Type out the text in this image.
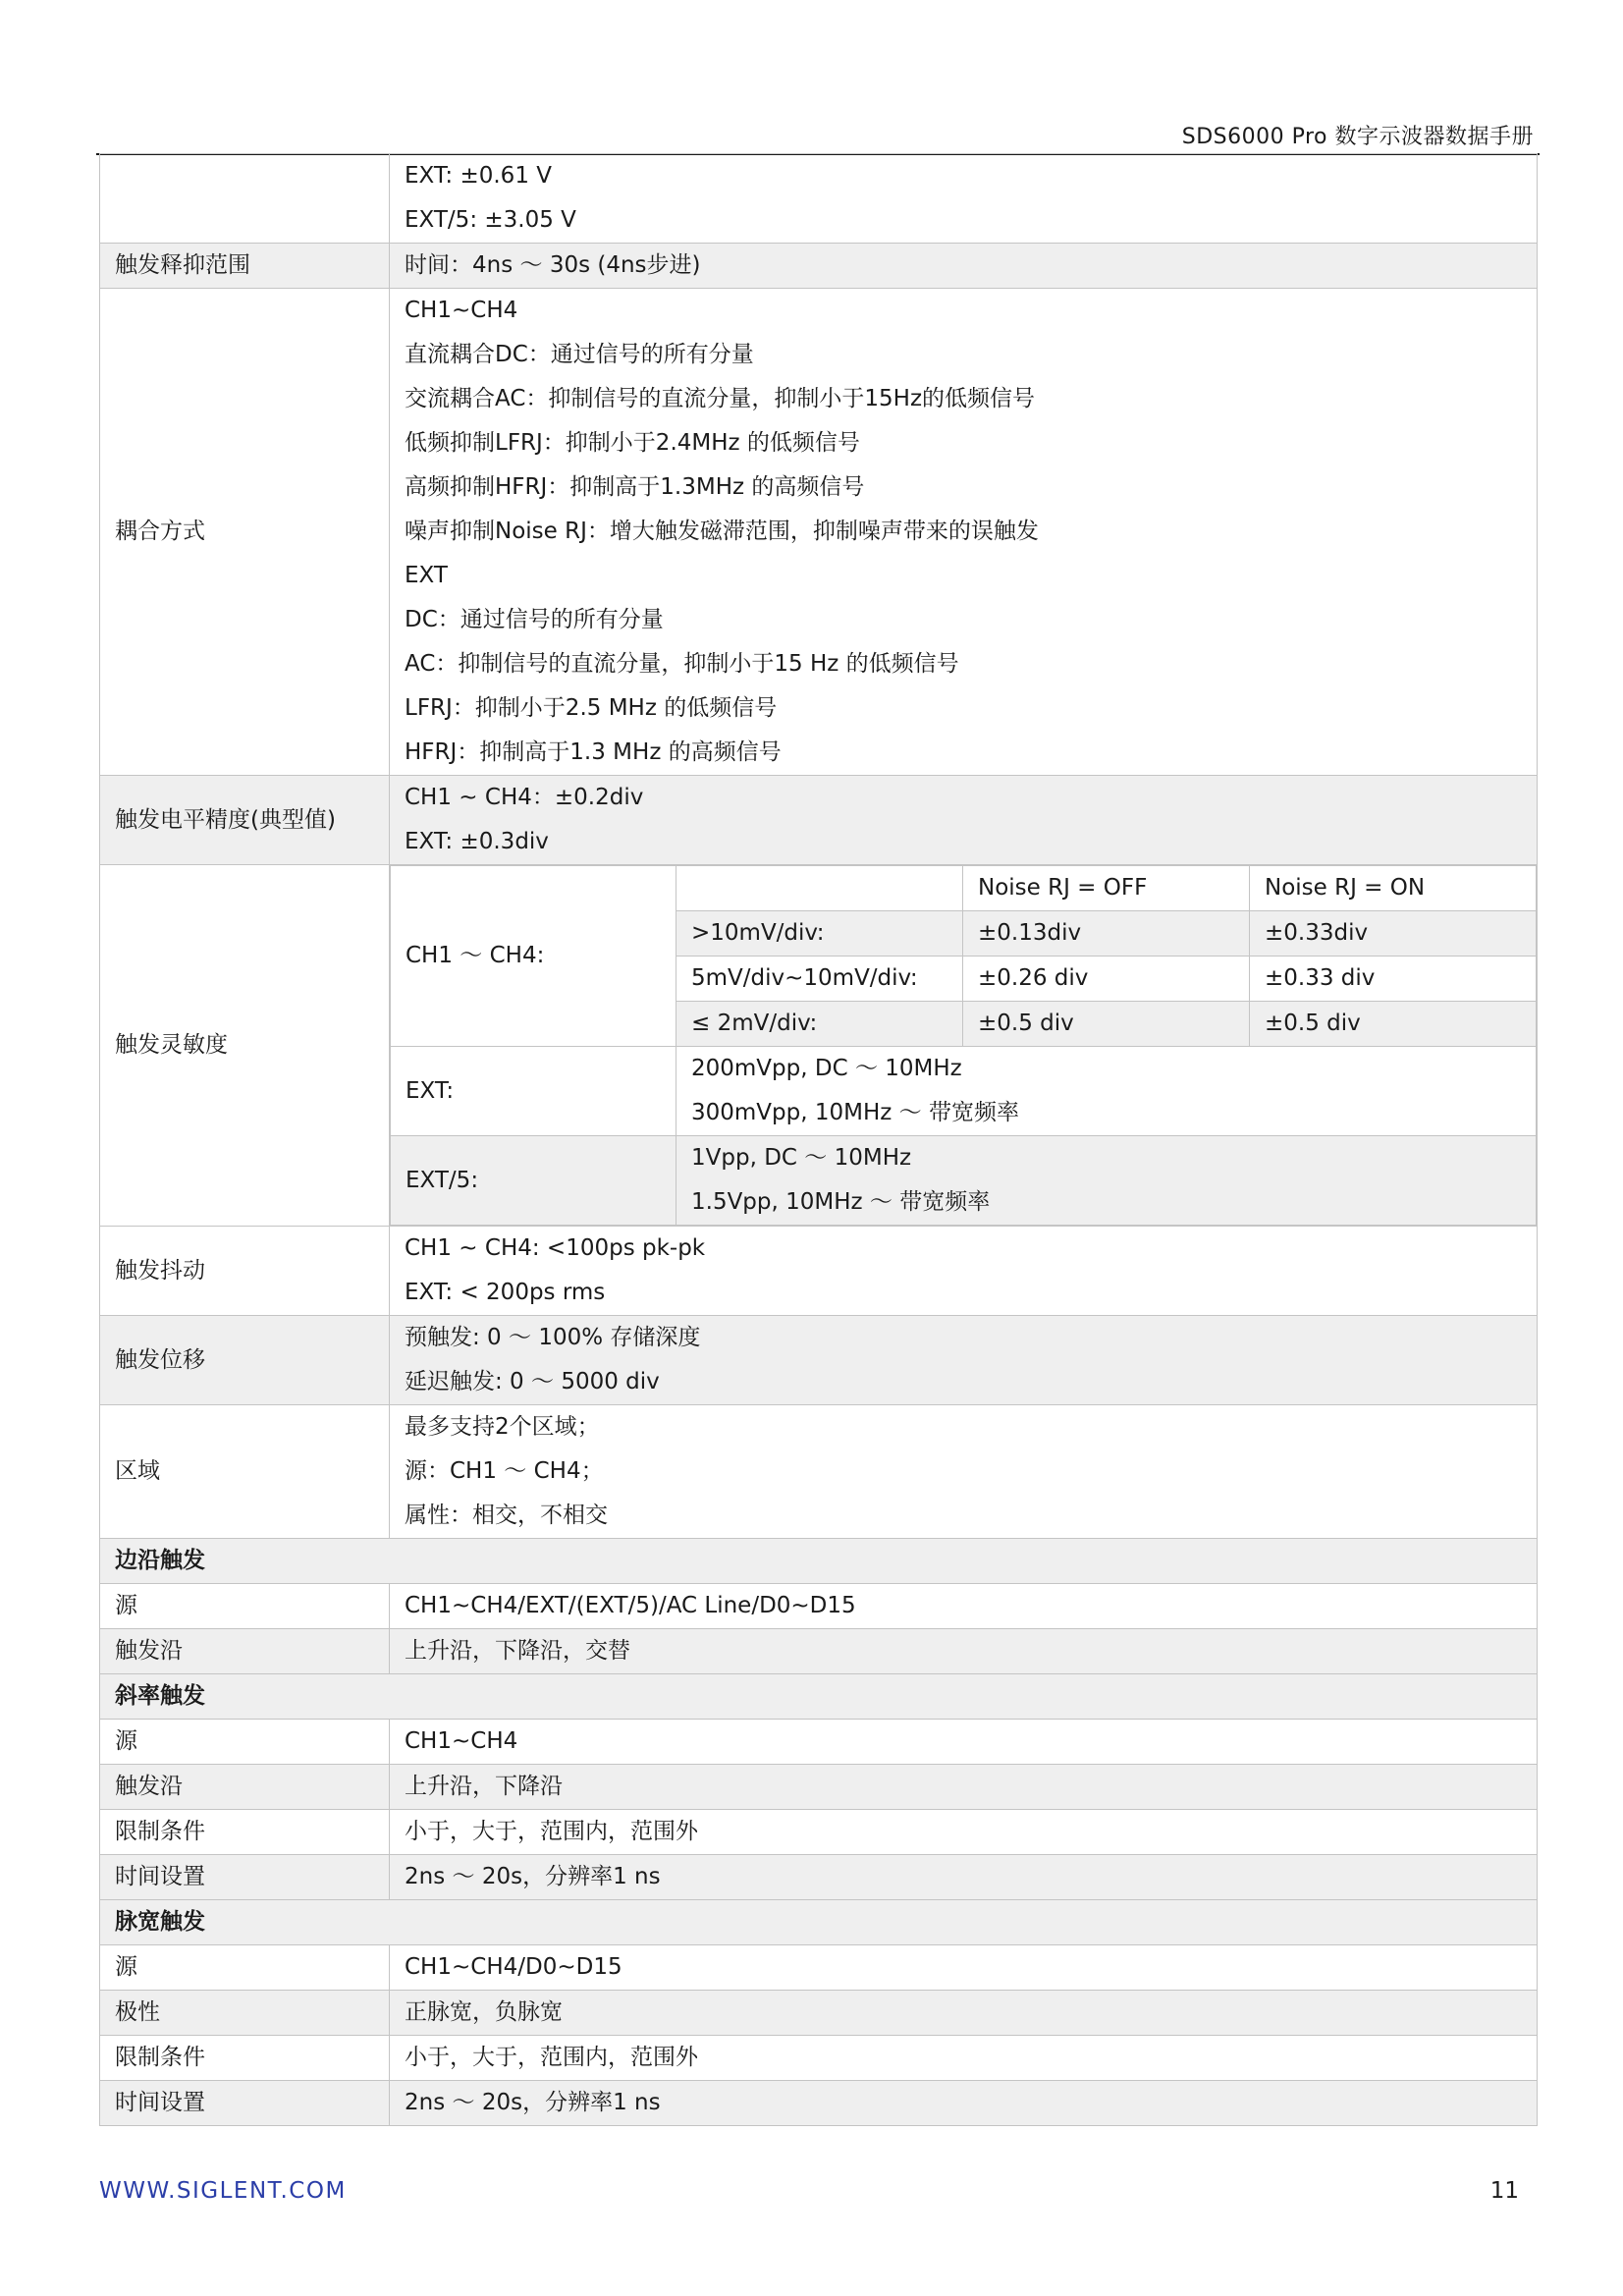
SDS6000 Pro 数字示波器数据手册

EXT: ±0.61 V
EXT/5: ±3.05 V

触发释抑范围	时间：4ns ～ 30s (4ns步进)
耦合方式	
CH1~CH4
直流耦合DC：通过信号的所有分量
交流耦合AC：抑制信号的直流分量，抑制小于15Hz的低频信号
低频抑制LFRJ：抑制小于2.4MHz 的低频信号
高频抑制HFRJ：抑制高于1.3MHz 的高频信号
噪声抑制Noise RJ：增大触发磁滞范围，抑制噪声带来的误触发
EXT
DC：通过信号的所有分量
AC：抑制信号的直流分量，抑制小于15 Hz 的低频信号
LFRJ：抑制小于2.5 MHz 的低频信号
HFRJ：抑制高于1.3 MHz 的高频信号

触发电平精度(典型值)	
CH1 ~ CH4：±0.2div
EXT: ±0.3div

触发灵敏度	
CH1 ～ CH4:		Noise RJ = OFF	Noise RJ = ON
>10mV/div:	±0.13div	±0.33div
5mV/div~10mV/div:	±0.26 div	±0.33 div
≤ 2mV/div:	±0.5 div	±0.5 div
EXT:	
200mVpp, DC ～ 10MHz
300mVpp, 10MHz ～ 带宽频率

EXT/5:	
1Vpp, DC ～ 10MHz
1.5Vpp, 10MHz ～ 带宽频率

触发抖动	
CH1 ~ CH4: <100ps pk-pk
EXT: < 200ps rms

触发位移	
预触发: 0 ～ 100% 存储深度
延迟触发: 0 ～ 5000 div

区域	
最多支持2个区域；
源：CH1 ～ CH4；
属性：相交，不相交

边沿触发
源	CH1~CH4/EXT/(EXT/5)/AC Line/D0~D15
触发沿	上升沿，下降沿，交替
斜率触发
源	CH1~CH4
触发沿	上升沿，下降沿
限制条件	小于，大于，范围内，范围外
时间设置	2ns ～ 20s，分辨率1 ns
脉宽触发
源	CH1~CH4/D0~D15
极性	正脉宽，负脉宽
限制条件	小于，大于，范围内，范围外
时间设置	2ns ～ 20s，分辨率1 ns
WWW.SIGLENT.COM	11
